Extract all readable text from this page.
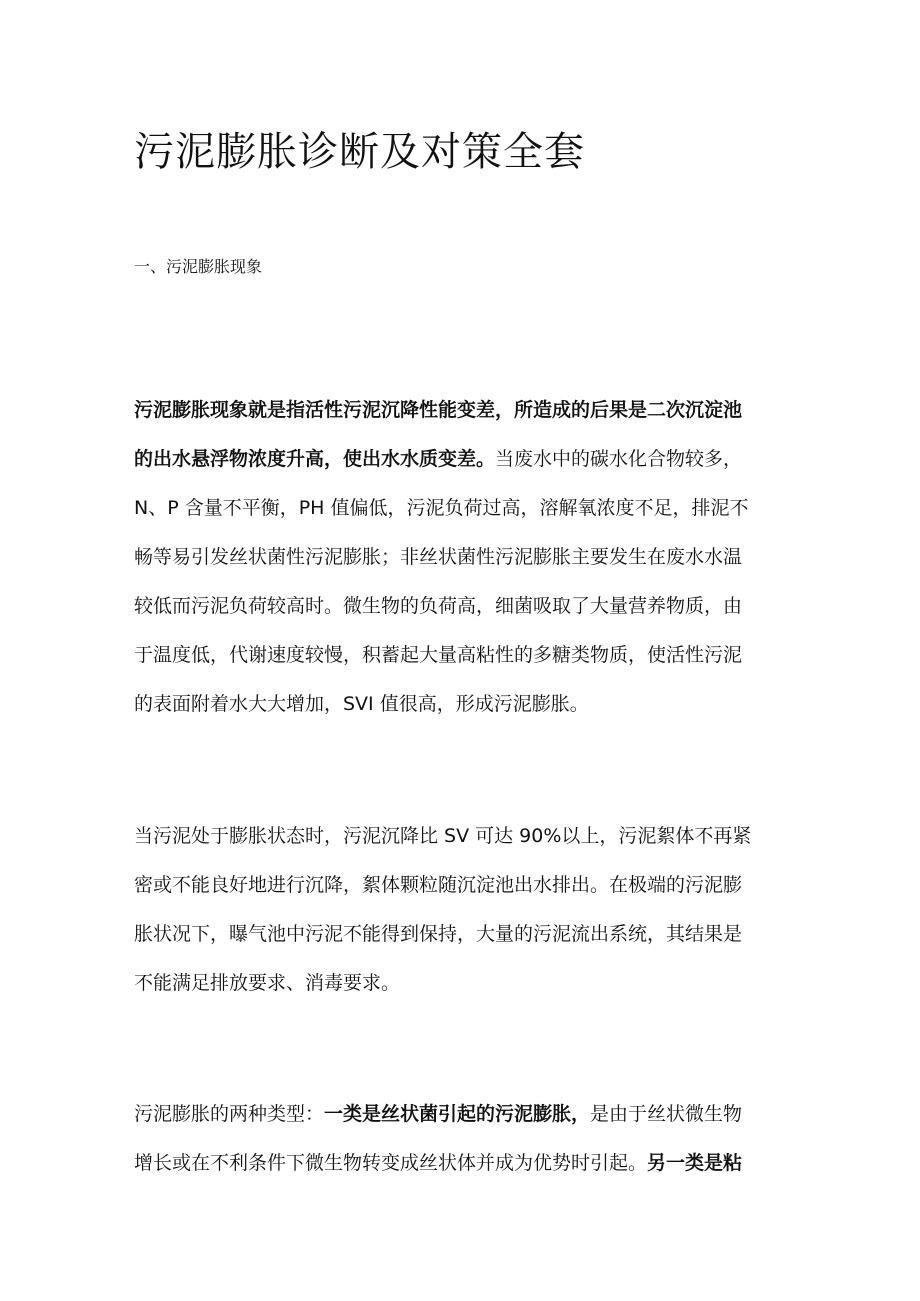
污泥膨胀诊断及对策全套
一、污泥膨胀现象
污泥膨胀现象就是指活性污泥沉降性能变差，所造成的后果是二次沉淀池
的出水悬浮物浓度升高，使出水水质变差。当废水中的碳水化合物较多，
N、P 含量不平衡，PH 值偏低，污泥负荷过高，溶解氧浓度不足，排泥不
畅等易引发丝状菌性污泥膨胀；非丝状菌性污泥膨胀主要发生在废水水温
较低而污泥负荷较高时。微生物的负荷高，细菌吸取了大量营养物质，由
于温度低，代谢速度较慢，积蓄起大量高粘性的多糖类物质，使活性污泥
的表面附着水大大增加，SVI 值很高，形成污泥膨胀。
当污泥处于膨胀状态时，污泥沉降比 SV 可达 90%以上，污泥絮体不再紧
密或不能良好地进行沉降，絮体颗粒随沉淀池出水排出。在极端的污泥膨
胀状况下，曝气池中污泥不能得到保持，大量的污泥流出系统，其结果是
不能满足排放要求、消毒要求。
污泥膨胀的两种类型：一类是丝状菌引起的污泥膨胀，是由于丝状微生物
增长或在不利条件下微生物转变成丝状体并成为优势时引起。另一类是粘
